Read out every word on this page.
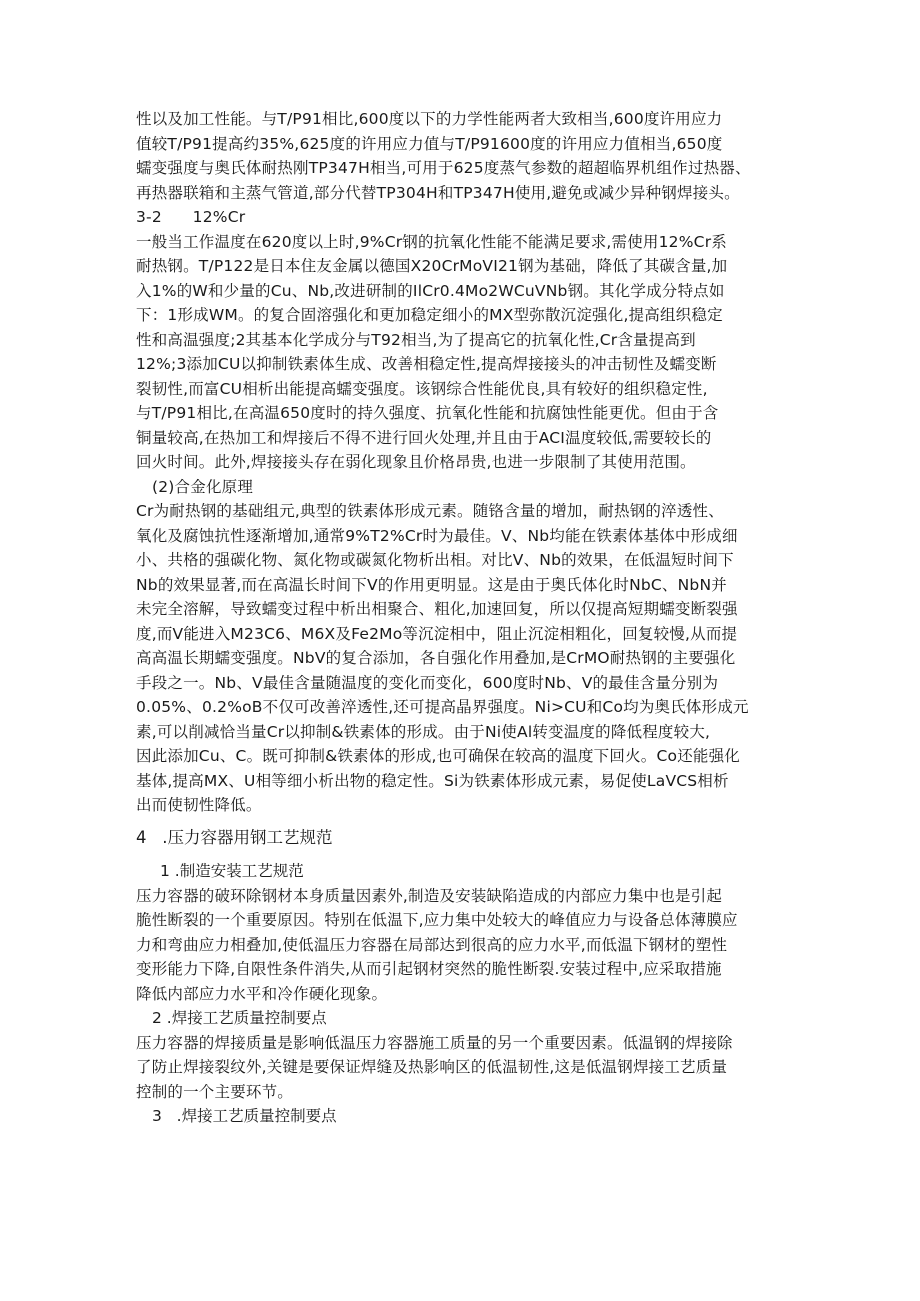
性以及加工性能。与T/P91相比,600度以下的力学性能两者大致相当,600度许用应力
值较T/P91提高约35%,625度的许用应力值与T/P91600度的许用应力值相当,650度
蠕变强度与奥氏体耐热刚TP347H相当,可用于625度蒸气参数的超超临界机组作过热器、
再热器联箱和主蒸气管道,部分代替TP304H和TP347H使用,避免或减少异种钢焊接头。

3-2      12%Cr

一般当工作温度在620度以上时,9%Cr钢的抗氧化性能不能满足要求,需使用12%Cr系
耐热钢。T/P122是日本住友金属以德国X20CrMoVI21钢为基础，降低了其碳含量,加
入1%的W和少量的Cu、Nb,改进研制的IlCr0.4Mo2WCuVNb钢。其化学成分特点如
下：1形成WM。的复合固溶强化和更加稳定细小的MX型弥散沉淀强化,提高组织稳定
性和高温强度;2其基本化学成分与T92相当,为了提高它的抗氧化性,Cr含量提高到
12%;3添加CU以抑制铁素体生成、改善相稳定性,提高焊接接头的冲击韧性及蠕变断
裂韧性,而富CU相析出能提高蠕变强度。该钢综合性能优良,具有较好的组织稳定性,
与T/P91相比,在高温650度时的持久强度、抗氧化性能和抗腐蚀性能更优。但由于含
铜量较高,在热加工和焊接后不得不进行回火处理,并且由于ACI温度较低,需要较长的
回火时间。此外,焊接接头存在弱化现象且价格昂贵,也进一步限制了其使用范围。

(2)合金化原理

Cr为耐热钢的基础组元,典型的铁素体形成元素。随铬含量的增加，耐热钢的淬透性、
氧化及腐蚀抗性逐渐增加,通常9%T2%Cr时为最佳。V、Nb均能在铁素体基体中形成细
小、共格的强碳化物、氮化物或碳氮化物析出相。对比V、Nb的效果，在低温短时间下
Nb的效果显著,而在高温长时间下V的作用更明显。这是由于奥氏体化时NbC、NbN并
未完全溶解，导致蠕变过程中析出相聚合、粗化,加速回复，所以仅提高短期蠕变断裂强
度,而V能进入M23C6、M6X及Fe2Mo等沉淀相中，阻止沉淀相粗化，回复较慢,从而提
高高温长期蠕变强度。NbV的复合添加，各自强化作用叠加,是CrMO耐热钢的主要强化
手段之一。Nb、V最佳含量随温度的变化而变化，600度时Nb、V的最佳含量分别为
0.05%、0.2%oB不仅可改善淬透性,还可提高晶界强度。Ni>CU和Co均为奥氏体形成元
素,可以削减恰当量Cr以抑制&铁素体的形成。由于Ni使Al转变温度的降低程度较大,
因此添加Cu、C。既可抑制&铁素体的形成,也可确保在较高的温度下回火。Co还能强化
基体,提高MX、U相等细小析出物的稳定性。Si为铁素体形成元素，易促使LaVCS相析
出而使韧性降低。

4   .压力容器用钢工艺规范

1 .制造安装工艺规范

压力容器的破环除钢材本身质量因素外,制造及安装缺陷造成的内部应力集中也是引起
脆性断裂的一个重要原因。特别在低温下,应力集中处较大的峰值应力与设备总体薄膜应
力和弯曲应力相叠加,使低温压力容器在局部达到很高的应力水平,而低温下钢材的塑性
变形能力下降,自限性条件消失,从而引起钢材突然的脆性断裂.安装过程中,应采取措施
降低内部应力水平和冷作硬化现象。

2 .焊接工艺质量控制要点

压力容器的焊接质量是影响低温压力容器施工质量的另一个重要因素。低温钢的焊接除
了防止焊接裂纹外,关键是要保证焊缝及热影响区的低温韧性,这是低温钢焊接工艺质量
控制的一个主要环节。

3   .焊接工艺质量控制要点
